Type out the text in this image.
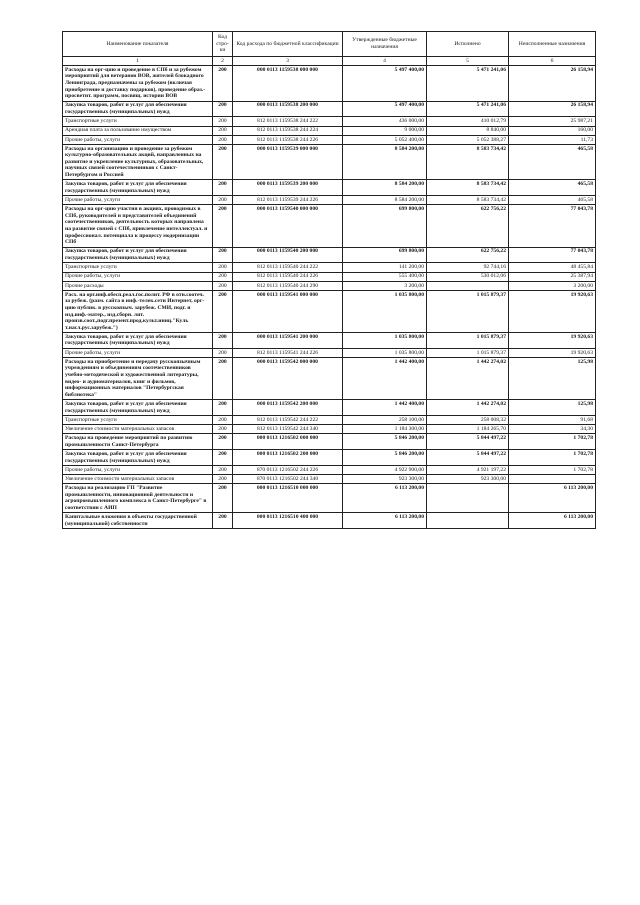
Наименование показателя	Код стро-ки	Код расхода по бюджетной классификации	Утвержденные бюджетные назначения	Исполнено	Неисполненные назначения
1	2	3	4	5	6
Расходы на орг-цию и проведение в СПб и за рубежом мероприятий для ветеранов ВОВ, жителей блокадного Ленинграда, предназначены за рубежом (включая приобретение и доставку подарков), проведение образ.-просветит. программ, посвящ. истории ВОВ	200	000 0113 1159538 000 000	5 497 400,00	5 471 241,06	26 158,94
Закупка товаров, работ и услуг для обеспечения государственных (муниципальных) нужд	200	000 0113 1159538 200 000	5 497 400,00	5 471 241,06	26 158,94
Транспортные услуги	200	812 0113 1159538 244 222	436 000,00	410 012,79	25 987,21
Арендная плата за пользование имуществом	200	812 0113 1159538 244 224	9 000,00	8 840,00	160,00
Прочие работы, услуги	200	812 0113 1159538 244 226	5 052 400,00	5 052 388,27	11,73
Расходы на организацию и проведение за рубежом культурно-образовательных акций, направленных на развитие и укрепление культурных, образовательных, научных связей соотечественников с Санкт-Петербургом и Россией	200	000 0113 1159539 000 000	8 584 200,00	8 583 734,42	465,58
Закупка товаров, работ и услуг для обеспечения государственных (муниципальных) нужд	200	000 0113 1159539 200 000	8 584 200,00	8 583 734,42	465,58
Прочие работы, услуги	200	812 0113 1159539 244 226	8 584 200,00	8 583 734,42	465,58
Расходы на орг-цию участия в акциях, проводимых в СПб, руководителей и представителей объединений соотечественников, деятельность которых направлена на развитие связей с СПб, привлечение интеллектуал. и профессионал. потенциала к процессу модернизации СПб	200	000 0113 1159540 000 000	699 800,00	622 756,22	77 043,78
Закупка товаров, работ и услуг для обеспечения государственных (муниципальных) нужд	200	000 0113 1159540 200 000	699 800,00	622 756,22	77 043,78
Транспортные услуги	200	812 0113 1159540 244 222	141 200,00	92 744,16	48 455,84
Прочие работы, услуги	200	812 0113 1159540 244 226	555 400,00	530 012,06	25 387,94
Прочие расходы	200	812 0113 1159540 244 290	3 200,00		3 200,00
Расх. на орг.инф.обесп.реал.гос.полит. РФ в отн.соотеч. за рубеж. (разм. сайта в инф.-телек.сети Интернет, орг-цию публик. в русскоязыч. зарубеж. СМИ, подг. и изд.инф.-матер., изд.сборн. лит. произв.соот.,подг.презент.прод.культ.иниц."Куль т.насл.рус.зарубеж.")	200	000 0113 1159541 000 000	1 035 800,00	1 015 879,37	19 920,63
Закупка товаров, работ и услуг для обеспечения государственных (муниципальных) нужд	200	000 0113 1159541 200 000	1 035 800,00	1 015 879,37	19 920,63
Прочие работы, услуги	200	812 0113 1159541 244 226	1 035 800,00	1 015 879,37	19 920,63
Расходы на приобретение и передачу русскоязычным учреждениям и объединениям соотечественников учебно-методической и художественной литературы, видео- и аудиоматериалов, книг и фильмов, информационных материалов "Петербургская библиотека"	200	000 0113 1159542 000 000	1 442 400,00	1 442 274,02	125,98
Закупка товаров, работ и услуг для обеспечения государственных (муниципальных) нужд	200	000 0113 1159542 200 000	1 442 400,00	1 442 274,02	125,98
Транспортные услуги	200	812 0113 1159542 244 222	258 100,00	258 008,32	91,68
Увеличение стоимости материальных запасов	200	812 0113 1159542 244 340	1 184 300,00	1 184 265,70	34,30
Расходы на проведение мероприятий по развитию промышленности Санкт-Петербурга	200	000 0113 1216502 000 000	5 846 200,00	5 844 497,22	1 702,78
Закупка товаров, работ и услуг для обеспечения государственных (муниципальных) нужд	200	000 0113 1216502 200 000	5 846 200,00	5 844 497,22	1 702,78
Прочие работы, услуги	200	870 0113 1216502 244 226	4 922 900,00	4 921 197,22	1 702,78
Увеличение стоимости материальных запасов	200	870 0113 1216502 244 340	923 300,00	923 300,00	
Расходы на реализацию ГП "Развитие промышленности, инновационной деятельности и агропромышленного комплекса в Санкт-Петербурге" в соответствии с АИП	200	000 0113 1216510 000 000	6 113 200,00		6 113 200,00
Капитальные вложения в объекты государственной (муниципальной) собственности	200	000 0113 1216510 400 000	6 113 200,00		6 113 200,00
